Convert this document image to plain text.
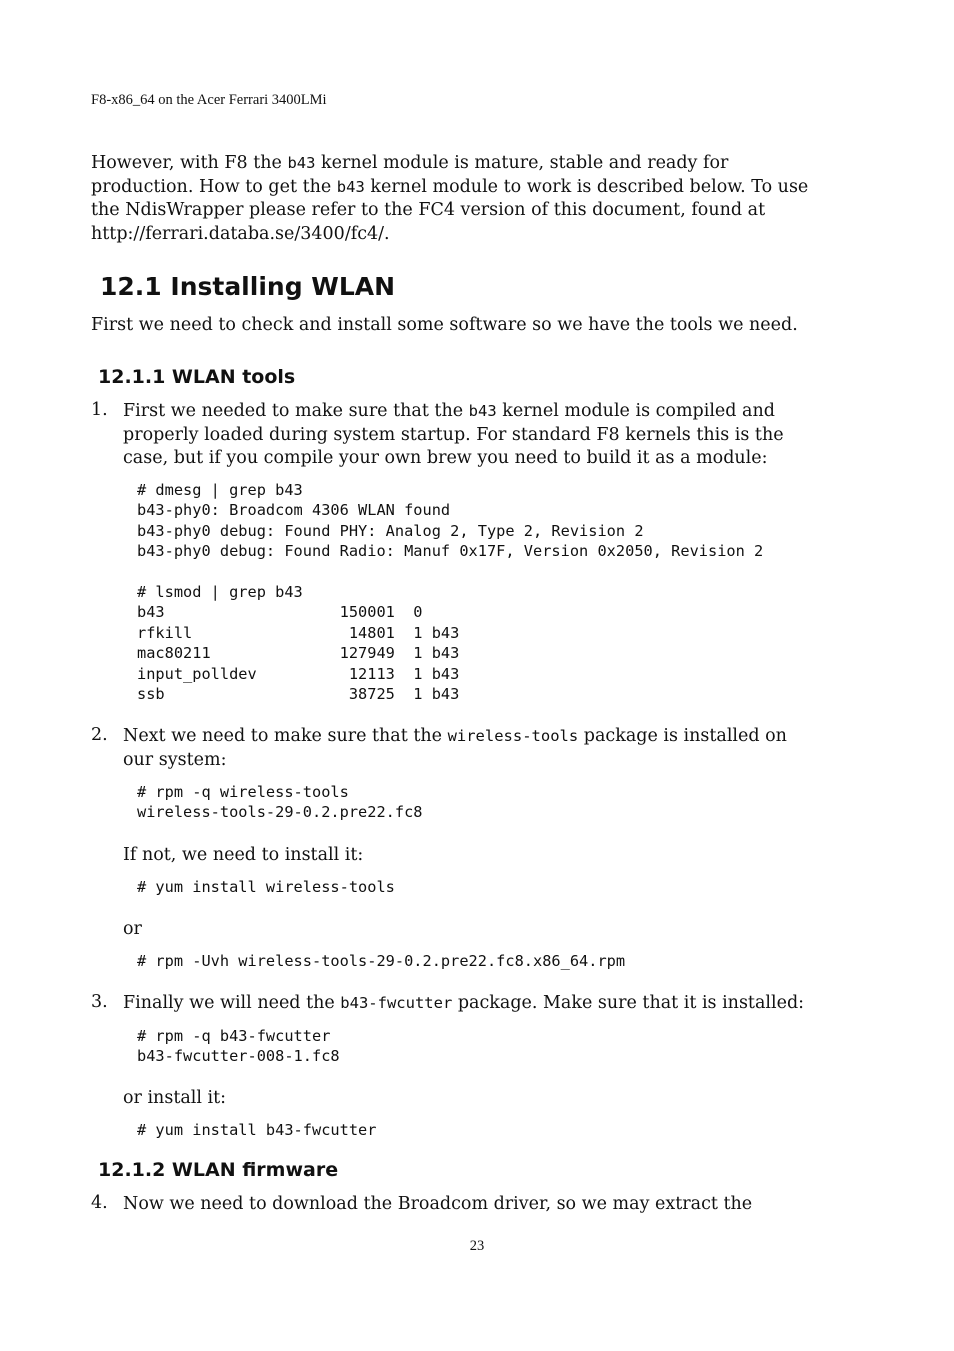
F8-x86_64 on the Acer Ferrari 3400LMi
However, with F8 the b43 kernel module is mature, stable and ready for
production. How to get the b43 kernel module to work is described below. To use
the NdisWrapper please refer to the FC4 version of this document, found at
http://ferrari.databa.se/3400/fc4/.
12.1 Installing WLAN
First we need to check and install some software so we have the tools we need.
12.1.1 WLAN tools
1. First we needed to make sure that the b43 kernel module is compiled and
properly loaded during system startup. For standard F8 kernels this is the
case, but if you compile your own brew you need to build it as a module:
# dmesg | grep b43
b43-phy0: Broadcom 4306 WLAN found
b43-phy0 debug: Found PHY: Analog 2, Type 2, Revision 2
b43-phy0 debug: Found Radio: Manuf 0x17F, Version 0x2050, Revision 2

# lsmod | grep b43
b43                   150001  0
rfkill                 14801  1 b43
mac80211              127949  1 b43
input_polldev          12113  1 b43
ssb                    38725  1 b43
2. Next we need to make sure that the wireless-tools package is installed on
our system:
# rpm -q wireless-tools
wireless-tools-29-0.2.pre22.fc8
If not, we need to install it:
# yum install wireless-tools
or
# rpm -Uvh wireless-tools-29-0.2.pre22.fc8.x86_64.rpm
3. Finally we will need the b43-fwcutter package. Make sure that it is installed:
# rpm -q b43-fwcutter
b43-fwcutter-008-1.fc8
or install it:
# yum install b43-fwcutter
12.1.2 WLAN firmware
4. Now we need to download the Broadcom driver, so we may extract the
23
